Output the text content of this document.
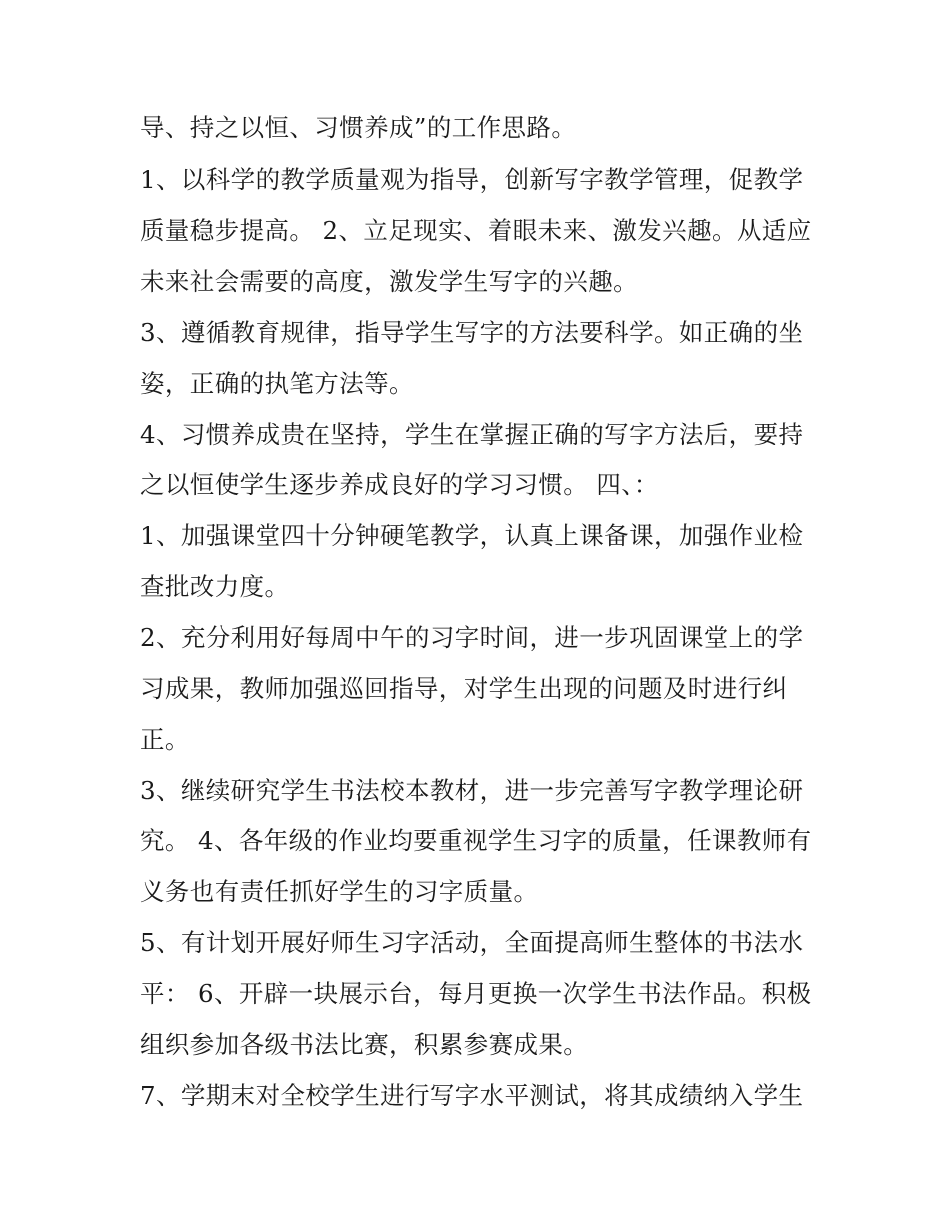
导、持之以恒、习惯养成”的工作思路。
1、以科学的教学质量观为指导，创新写字教学管理，促教学
质量稳步提高。 2、立足现实、着眼未来、激发兴趣。从适应
未来社会需要的高度，激发学生写字的兴趣。
3、遵循教育规律，指导学生写字的方法要科学。如正确的坐
姿，正确的执笔方法等。
4、习惯养成贵在坚持，学生在掌握正确的写字方法后，要持
之以恒使学生逐步养成良好的学习习惯。 四、：
1、加强课堂四十分钟硬笔教学，认真上课备课，加强作业检
查批改力度。
2、充分利用好每周中午的习字时间，进一步巩固课堂上的学
习成果，教师加强巡回指导，对学生出现的问题及时进行纠
正。
3、继续研究学生书法校本教材，进一步完善写字教学理论研
究。 4、各年级的作业均要重视学生习字的质量，任课教师有
义务也有责任抓好学生的习字质量。
5、有计划开展好师生习字活动，全面提高师生整体的书法水
平： 6、开辟一块展示台，每月更换一次学生书法作品。积极
组织参加各级书法比赛，积累参赛成果。
7、学期末对全校学生进行写字水平测试，将其成绩纳入学生
